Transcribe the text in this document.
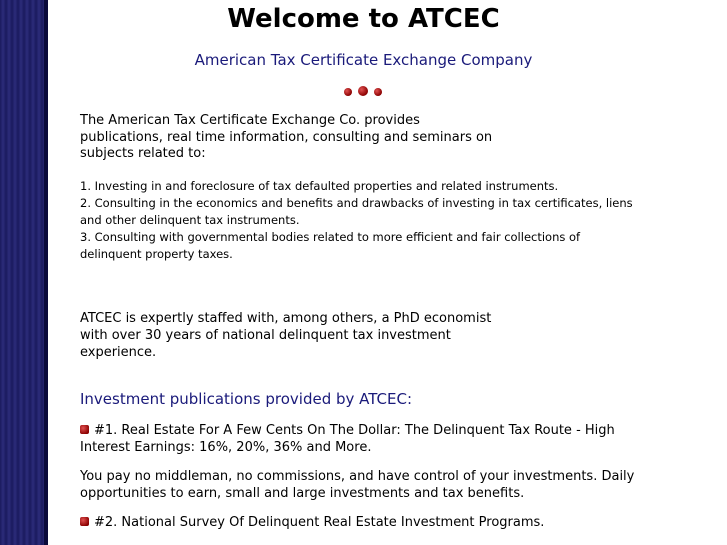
Welcome to ATCEC
American Tax Certificate Exchange Company

The American Tax Certificate Exchange Co. provides publications, real time information, consulting and seminars on subjects related to:

1. Investing in and foreclosure of tax defaulted properties and related instruments.
2. Consulting in the economics and benefits and drawbacks of investing in tax certificates, liens and other delinquent tax instruments.
3. Consulting with governmental bodies related to more efficient and fair collections of delinquent property taxes.

ATCEC is expertly staffed with, among others, a PhD economist with over 30 years of national delinquent tax investment experience.

Investment publications provided by ATCEC:

#1. Real Estate For A Few Cents On The Dollar: The Delinquent Tax Route - High Interest Earnings: 16%, 20%, 36% and More.

You pay no middleman, no commissions, and have control of your investments. Daily opportunities to earn, small and large investments and tax benefits.

#2. National Survey Of Delinquent Real Estate Investment Programs.
